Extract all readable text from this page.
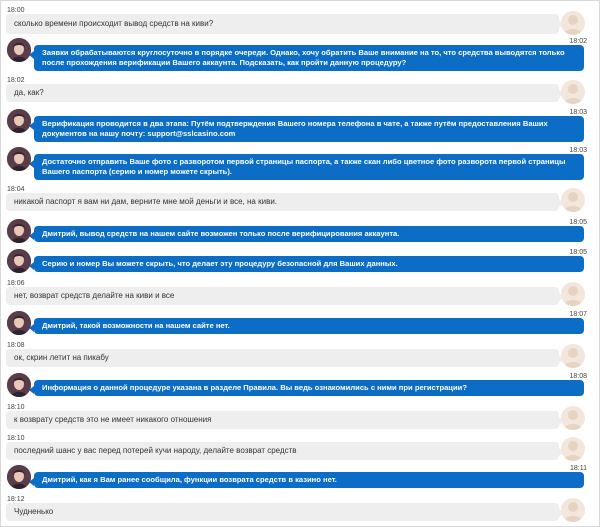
18:00
сколько времени происходит вывод средств на киви?
18:02
Заявки обрабатываются круглосуточно в порядке очереди. Однако, хочу обратить Ваше внимание на то, что средства выводятся только после прохождения верификации Вашего аккаунта. Подсказать, как пройти данную процедуру?
18:02
да, как?
18:03
Верификация проводится в два этапа: Путём подтверждения Вашего номера телефона в чате, а также путём предоставления Ваших документов на нашу почту: support@sslcasino.com
18:03
Достаточно отправить Ваше фото с разворотом первой страницы паспорта, а также скан либо цветное фото разворота первой страницы Вашего паспорта (серию и номер можете скрыть).
18:04
никакой паспорт я вам ни дам, верните мне мой деньги и все, на киви.
18:05
Дмитрий, вывод средств на нашем сайте возможен только после верифицирования аккаунта.
18:05
Серию и номер Вы можете скрыть, что делает эту процедуру безопасной для Ваших данных.
18:06
нет, возврат средств делайте на киви и все
18:07
Дмитрий, такой возможности на нашем сайте нет.
18:08
ок, скрин летит на пикабу
18:08
Информация о данной процедуре указана в разделе Правила. Вы ведь ознакомились с ними при регистрации?
18:10
к возврату средств это не имеет никакого отношения
18:10
последний шанс у вас перед потерей кучи народу, делайте возврат средств
18:11
Дмитрий, как я Вам ранее сообщила, функции возврата средств в казино нет.
18:12
Чудненько
